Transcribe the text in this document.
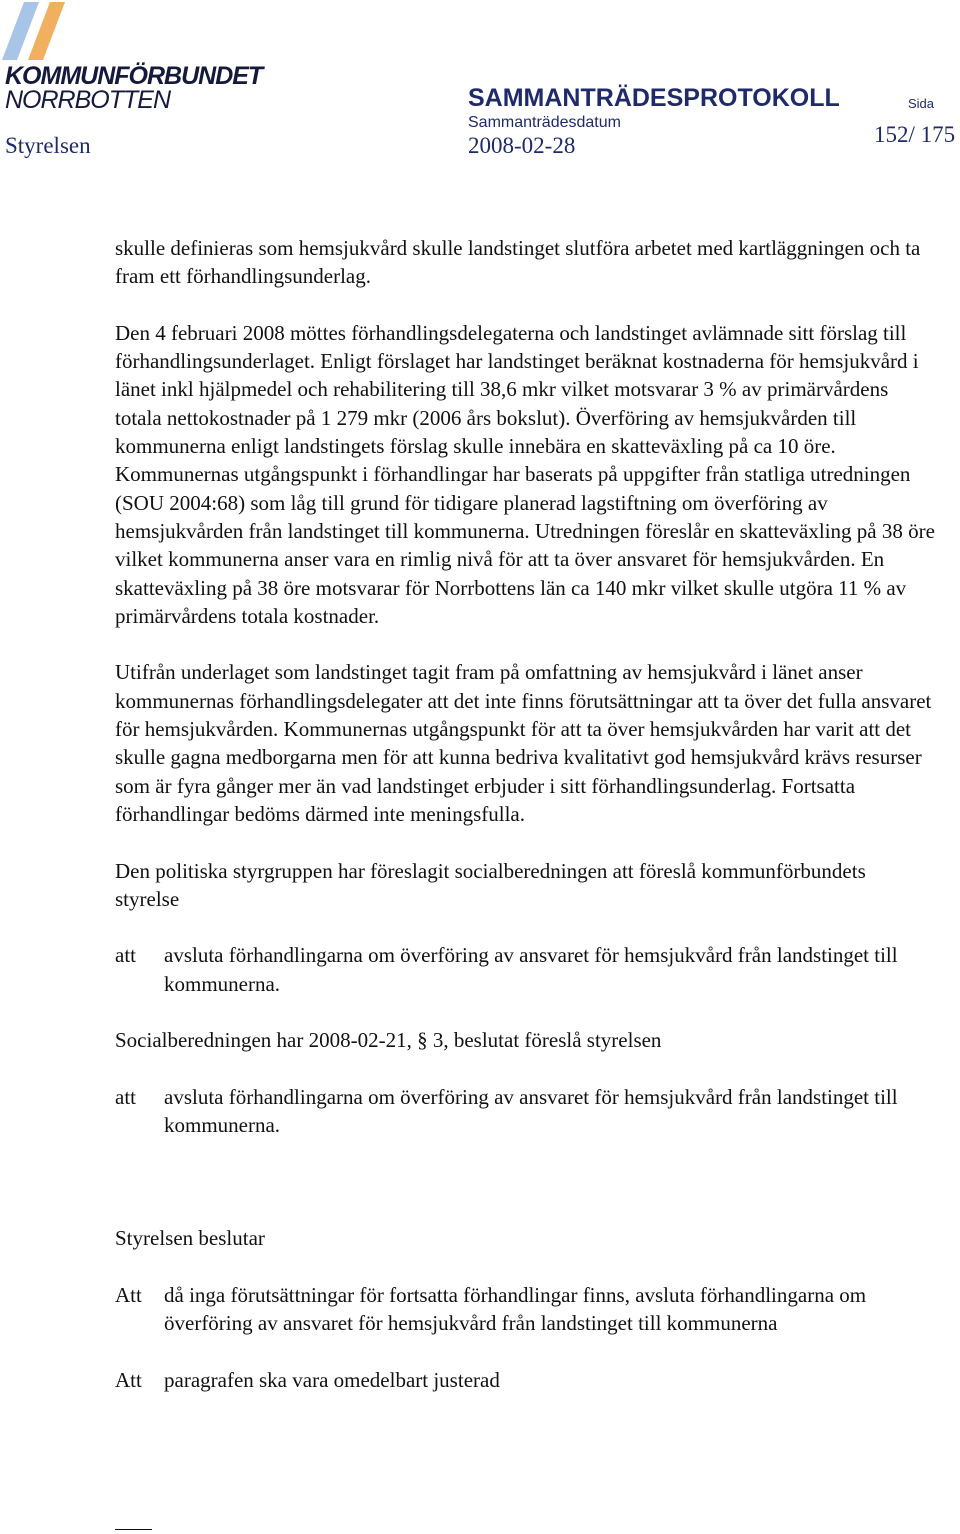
KOMMUNFÖRBUNDET
NORRBOTTEN	SAMMANTRÄDESPROTOKOLL	Sida
Sammanträdesdatum
Styrelsen	2008-02-28	152/ 175

skulle definieras som hemsjukvård skulle landstinget slutföra arbetet med kartläggningen och ta fram ett förhandlingsunderlag.

Den 4 februari 2008 möttes förhandlingsdelegaterna och landstinget avlämnade sitt förslag till förhandlingsunderlaget. Enligt förslaget har landstinget beräknat kostnaderna för hemsjukvård i länet inkl hjälpmedel och rehabilitering till 38,6 mkr vilket motsvarar 3 % av primärvårdens totala nettokostnader på 1 279 mkr (2006 års bokslut). Överföring av hemsjukvården till kommunerna enligt landstingets förslag skulle innebära en skatteväxling på ca 10 öre. Kommunernas utgångspunkt i förhandlingar har baserats på uppgifter från statliga utredningen (SOU 2004:68) som låg till grund för tidigare planerad lagstiftning om överföring av hemsjukvården från landstinget till kommunerna. Utredningen föreslår en skatteväxling på 38 öre vilket kommunerna anser vara en rimlig nivå för att ta över ansvaret för hemsjukvården. En skatteväxling på 38 öre motsvarar för Norrbottens län ca 140 mkr vilket skulle utgöra 11 % av primärvårdens totala kostnader.

Utifrån underlaget som landstinget tagit fram på omfattning av hemsjukvård i länet anser kommunernas förhandlingsdelegater att det inte finns förutsättningar att ta över det fulla ansvaret för hemsjukvården. Kommunernas utgångspunkt för att ta över hemsjukvården har varit att det skulle gagna medborgarna men för att kunna bedriva kvalitativt god hemsjukvård krävs resurser som är fyra gånger mer än vad landstinget erbjuder i sitt förhandlingsunderlag. Fortsatta förhandlingar bedöms därmed inte meningsfulla.

Den politiska styrgruppen har föreslagit socialberedningen att föreslå kommunförbundets styrelse

att	avsluta förhandlingarna om överföring av ansvaret för hemsjukvård från landstinget till kommunerna.

Socialberedningen har 2008-02-21, § 3, beslutat föreslå styrelsen

att	avsluta förhandlingarna om överföring av ansvaret för hemsjukvård från landstinget till kommunerna.

Styrelsen beslutar

Att	då inga förutsättningar för fortsatta förhandlingar finns, avsluta förhandlingarna om överföring av ansvaret för hemsjukvård från landstinget till kommunerna
Att	paragrafen ska vara omedelbart justerad
